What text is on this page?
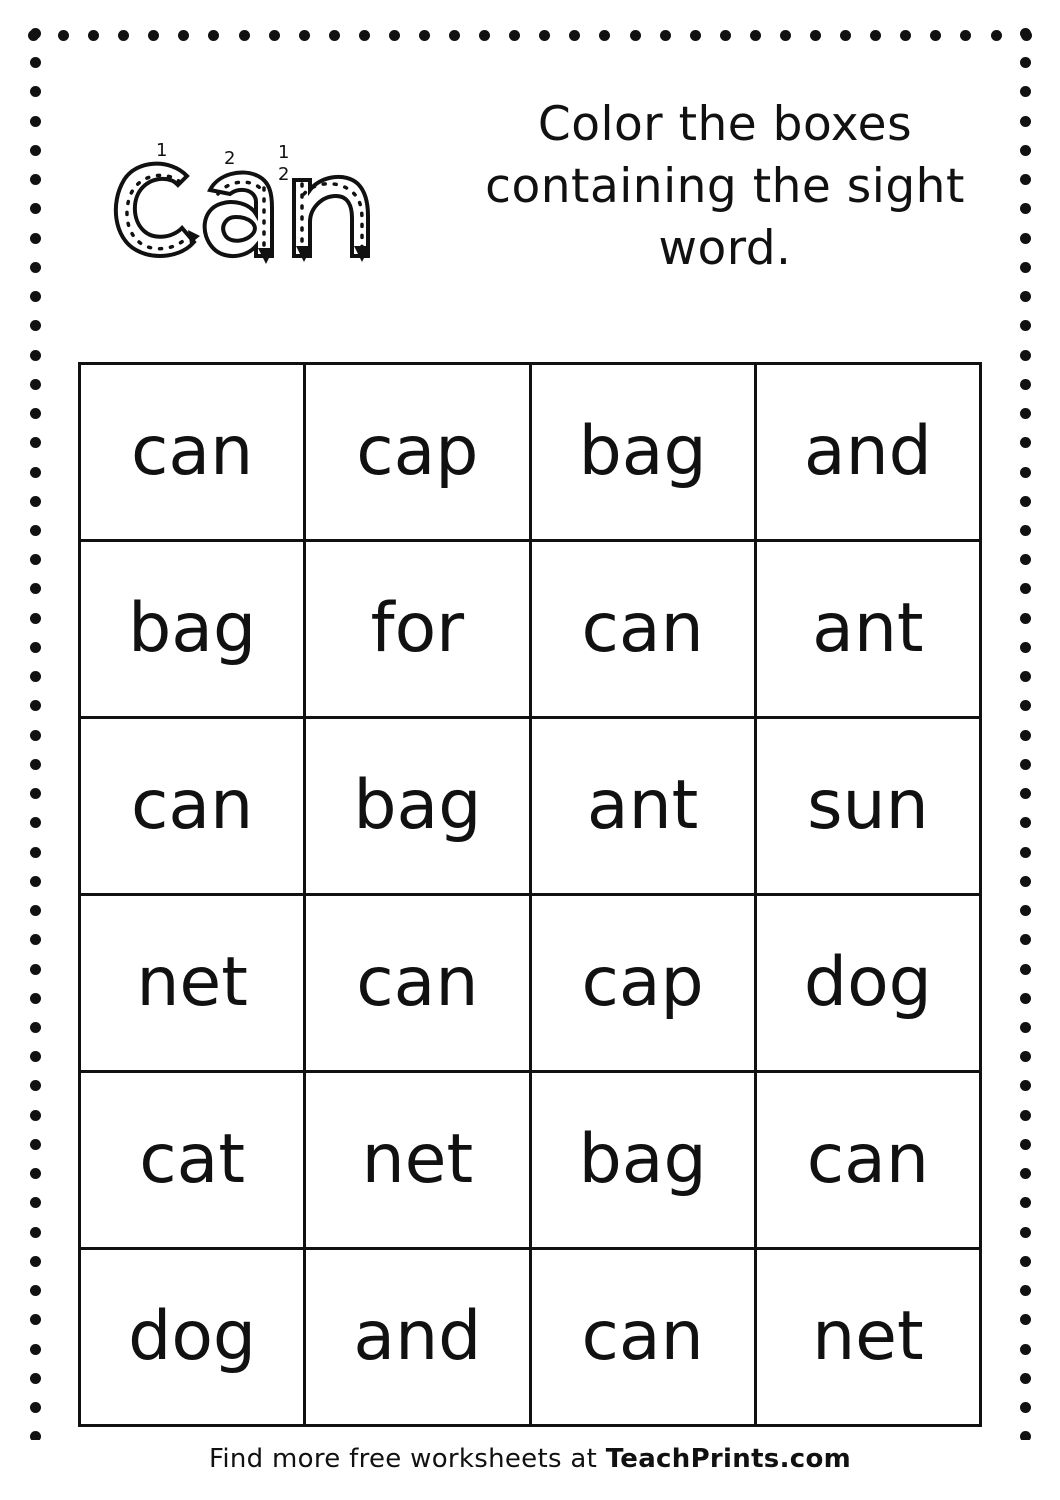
1	2 1
2
Color the boxes containing the sight word.
can	cap	bag	and
bag	for	can	ant
can	bag	ant	sun
net	can	cap	dog
cat	net	bag	can
dog	and	can	net
Find more free worksheets at TeachPrints.com
